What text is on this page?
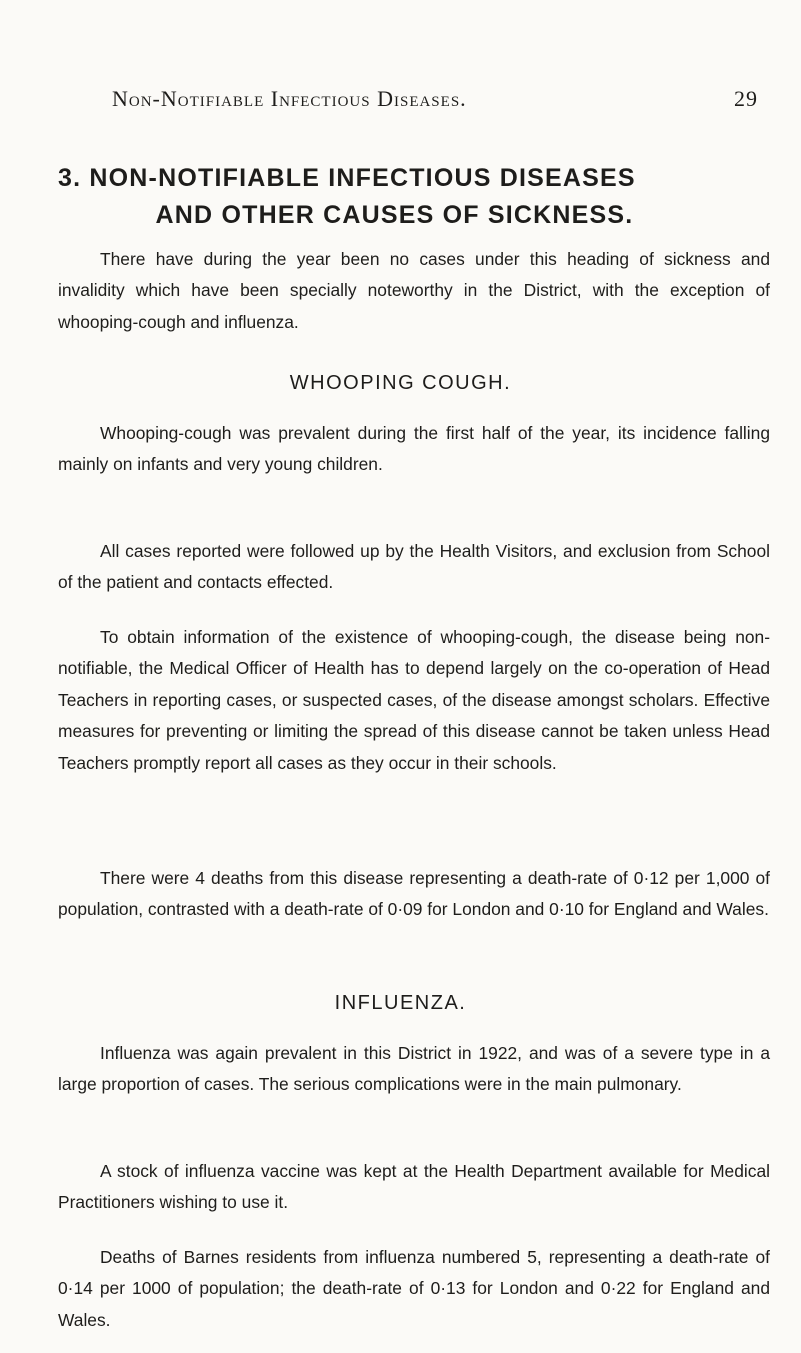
Non-Notifiable Infectious Diseases.	29
3. NON-NOTIFIABLE INFECTIOUS DISEASES
AND OTHER CAUSES OF SICKNESS.

There have during the year been no cases under this heading of sickness and invalidity which have been specially noteworthy in the District, with the exception of whooping-cough and influenza.

WHOOPING COUGH.

Whooping-cough was prevalent during the first half of the year, its incidence falling mainly on infants and very young children.

All cases reported were followed up by the Health Visitors, and exclusion from School of the patient and contacts effected.

To obtain information of the existence of whooping-cough, the disease being non-notifiable, the Medical Officer of Health has to depend largely on the co-operation of Head Teachers in reporting cases, or suspected cases, of the disease amongst scholars. Effective measures for preventing or limiting the spread of this disease cannot be taken unless Head Teachers promptly report all cases as they occur in their schools.

There were 4 deaths from this disease representing a death-rate of 0·12 per 1,000 of population, contrasted with a death-rate of 0·09 for London and 0·10 for England and Wales.

INFLUENZA.

Influenza was again prevalent in this District in 1922, and was of a severe type in a large proportion of cases. The serious complications were in the main pulmonary.

A stock of influenza vaccine was kept at the Health Department available for Medical Practitioners wishing to use it.

Deaths of Barnes residents from influenza numbered 5, representing a death-rate of 0·14 per 1000 of population; the death-rate of 0·13 for London and 0·22 for England and Wales.
